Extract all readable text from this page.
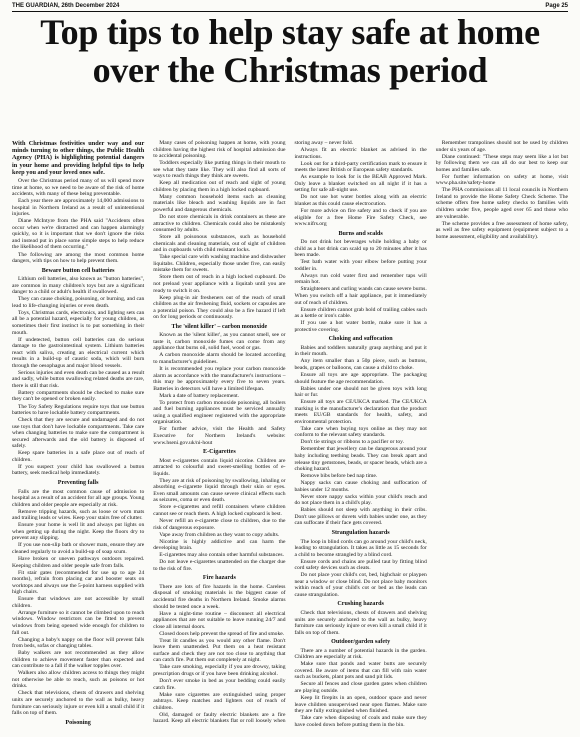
THE GUARDIAN, 26th December 2024	Page 25
Top tips to help stay safe at home over the Christmas period

With Christmas festivities under way and our minds turning to other things, the Public Health Agency (PHA) is highlighting potential dangers in your home and providing helpful tips to help keep you and your loved ones safe.

Over the Christmas period many of us will spend more time at home, so we need to be aware of the risk of home accidents, with many of these being preventable.

Each year there are approximately 14,000 admissions to hospital in Northern Ireland as a result of unintentional injuries.

Diane McIntyre from the PHA said "Accidents often occur when we're distracted and can happen alarmingly quickly, so it is important that we don't ignore the risks and instead put in place some simple steps to help reduce the likelihood of them occurring."

The following are among the most common home dangers, with tips on how to help prevent them.

Beware button cell batteries

Lithium cell batteries, also known as "button batteries", are common in many children's toys but are a significant danger to a child or adult's health if swallowed.

They can cause choking, poisoning, or burning, and can lead to life-changing injuries or even death.

Toys, Christmas cards, electronics, and lighting sets can all be a potential hazard, especially for young children, as sometimes their first instinct is to put something in their mouth.

If undetected, button cell batteries can do serious damage to the gastrointestinal system. Lithium batteries react with saliva, creating an electrical current which results in a build-up of caustic soda, which will burn through the oesophagus and major blood vessels.

Serious injuries and even death can be caused as a result and sadly, while button swallowing related deaths are rare, there is still that risk.

Battery compartments should be checked to make sure they can't be opened or broken easily.

The Toy Safety Regulations require toys that use button batteries to have lockable battery compartments.

Check that they are secure and undamaged and do not use toys that don't have lockable compartments. Take care when changing batteries to make sure the compartment is secured afterwards and the old battery is disposed of safely.

Keep spare batteries in a safe place out of reach of children.

If you suspect your child has swallowed a button battery, seek medical help immediately.

Preventing falls

Falls are the most common cause of admission to hospital as a result of an accident for all age groups. Young children and older people are especially at risk.

Remove tripping hazards, such as loose or worn mats and trailing leads or wires. Keep your stairs free of clutter.

Ensure your home is well lit and always put lights on when getting up during the night. Keep the floors dry to prevent any slipping.

If you use non-slip bath or shower mats, ensure they are cleaned regularly to avoid a build-up of soap scum.

Have broken or uneven pathways outdoors repaired. Keeping children and older people safe from falls.

Fit stair gates (recommended for use up to age 24 months), refrain from placing car and booster seats on worktops and always use the 5-point harness supplied with high chairs.

Ensure that windows are not accessible by small children.

Arrange furniture so it cannot be climbed upon to reach windows. Window restrictors can be fitted to prevent windows from being opened wide enough for children to fall out.

Changing a baby's nappy on the floor will prevent falls from beds, sofas or changing tables.

Baby walkers are not recommended as they allow children to achieve movement faster than expected and can contribute to a fall if the walker topples over.

Walkers also allow children access to things they might not otherwise be able to reach, such as poisons or hot drinks.

Check that televisions, chests of drawers and shelving units are securely anchored to the wall as bulky, heavy furniture can seriously injure or even kill a small child if it falls on top of them.

Poisoning

Many cases of poisoning happen at home, with young children having the highest risk of hospital admission due to accidental poisoning.

Toddlers especially like putting things in their mouth to see what they taste like. They will also find all sorts of ways to reach things they think are sweets.

Keep all medication out of reach and sight of young children by placing them in a high locked cupboard.

Many common household items such as cleaning materials like bleach and washing liquids are in fact powerful and dangerous chemicals.

Do not store chemicals in drink containers as these are attractive to children. Chemicals could also be mistakenly consumed by adults.

Store all poisonous substances, such as household chemicals and cleaning materials, out of sight of children and in cupboards with child resistant locks.

Take special care with washing machine and dishwasher liquitabs. Children, especially those under five, can easily mistake them for sweets.

Store them out of reach in a high locked cupboard. Do not preload your appliance with a liquitab until you are ready to switch it on.

Keep plug-in air fresheners out of the reach of small children as the air freshening fluid, sockets or capsules are a potential poison. They could also be a fire hazard if left on for long periods or continuously.

The 'silent killer' – carbon monoxide

Known as the 'silent killer', as you cannot smell, see or taste it, carbon monoxide fumes can come from any appliance that burns oil, solid fuel, wood or gas.

A carbon monoxide alarm should be located according to manufacturer's guidelines.

It is recommended you replace your carbon monoxide alarm as accordance with the manufacturer's instructions – this may be approximately every five to seven years. Batteries in detectors will have a limited lifespan.

Mark a date of battery replacement.

To protect from carbon monoxide poisoning, all boilers and fuel burning appliances must be serviced annually using a qualified engineer registered with the appropriate organisation.

For further advice, visit the Health and Safety Executive for Northern Ireland's website: www.hseni.gov.uk/ni-hout

E-Cigarettes

Most e-cigarettes contain liquid nicotine. Children are attracted to colourful and sweet-smelling bottles of e-liquids.

They are at risk of poisoning by swallowing, inhaling or absorbing e-cigarette liquid through their skin or eyes. Even small amounts can cause severe clinical effects such as seizures, coma or even death.

Store e-cigarettes and refill containers where children cannot see or reach them. A high locked cupboard is best.

Never refill an e-cigarette close to children, due to the risk of dangerous exposure.

Vape away from children as they want to copy adults.

Nicotine is highly addictive and can harm the developing brain.

E-cigarettes may also contain other harmful substances.

Do not leave e-cigarettes unattended on the charger due to the risk of fire.

Fire hazards

There are lots of fire hazards in the home. Careless disposal of smoking materials is the biggest cause of accidental fire deaths in Northern Ireland. Smoke alarms should be tested once a week.

Have a night-time routine – disconnect all electrical appliances that are not suitable to leave running 24/7 and close all internal doors.

Closed doors help prevent the spread of fire and smoke.

Treat lit candles as you would any other flame. Don't leave them unattended. Put them on a heat resistant surface and check they are not too close to anything that can catch fire. Put them out completely at night.

Take care smoking, especially if you are drowsy, taking prescription drugs or if you have been drinking alcohol.

Don't ever smoke in bed as your bedding could easily catch fire.

Make sure cigarettes are extinguished using proper ashtrays. Keep matches and lighters out of reach of children.

Old, damaged or faulty electric blankets are a fire hazard. Keep all electric blankets flat or roll loosely when storing away – never fold.

Always fit an electric blanket as advised in the instructions.

Look out for a third-party certification mark to ensure it meets the latest British or European safety standards.

As example to look for is the BEAB Approved Mark. Only leave a blanket switched on all night if it has a setting for safe all-night use.

Do not use hot water bottles along with an electric blanket as this could cause electrocution.

For more advice on fire safety and to check if you are eligible for a free Home Fire Safety Check, see www.nifrs.org

Burns and scalds

Do not drink hot beverages while holding a baby or child as a hot drink can scald up to 20 minutes after it has been made.

Test bath water with your elbow before putting your toddler in.

Always run cold water first and remember taps will remain hot.

Straighteners and curling wands can cause severe burns. When you switch off a hair appliance, put it immediately out of reach of children.

Ensure children cannot grab hold of trailing cables such as a kettle or iron's cable.

If you use a hot water bottle, make sure it has a protective covering.

Choking and suffocation

Babies and toddlers naturally grasp anything and put it in their mouth.

Any item smaller than a 50p piece, such as buttons, beads, grapes or balloons, can cause a child to choke.

Ensure all toys are age appropriate. The packaging should feature the age recommendation.

Babies under one should not be given toys with long hair or fur.

Ensure all toys are CE/UKCA marked. The CE/UKCA marking is the manufacturer's declaration that the product meets EU/GB standards for health, safety, and environmental protection.

Take care when buying toys online as they may not conform to the relevant safety standards.

Don't tie strings or ribbons to a pacifier or toy.

Remember that jewellery can be dangerous around your baby including teething beads. They can break apart and release tiny gemstones, beads, or spacer beads, which are a choking hazard.

Remove bibs before bed nap time.

Nappy sacks can cause choking and suffocation of babies under 12 months.

Never store nappy sacks within your child's reach and do not place them in a child's play.

Babies should not sleep with anything in their cribs. Don't use pillows or duvets with babies under one, as they can suffocate if their face gets covered.

Strangulation hazards

The loop in blind cords can go around your child's neck, leading to strangulation. It takes as little as 15 seconds for a child to become strangled by a blind cord.

Ensure cords and chains are pulled taut by fitting blind cord safety devices such as cleats.

Do not place your child's cot, bed, highchair or playpen near a window or close blind. Do not place baby monitors within reach of your child's cot or bed as the leads can cause strangulation.

Crushing hazards

Check that televisions, chests of drawers and shelving units are securely anchored to the wall as bulky, heavy furniture can seriously injure or even kill a small child if it falls on top of them.

Outdoor/garden safety

There are a number of potential hazards in the garden. Children are especially at risk.

Make sure that ponds and water butts are securely covered. Be aware of items that can fill with rain water such as buckets, plant pots and sand pit lids.

Secure all fences and close garden gates when children are playing outside.

Keep lit firepits in an open, outdoor space and never leave children unsupervised near open flames. Make sure they are fully extinguished when finished.

Take care when disposing of coals and make sure they have cooled down before putting them in the bin.

Remember trampolines should not be used by children under six years of age.

Diane continued: "These steps may seem like a lot but by following them we can all do our best to keep our homes and families safe.

For further information on safety at home, visit www.pha.site/safety-home

The PHA commissions all 11 local councils in Northern Ireland to provide the Home Safety Check Scheme. The scheme offers free home safety checks to families with children under five, people aged over 65 and those who are vulnerable.

The scheme provides a free assessment of home safety, as well as free safety equipment (equipment subject to a home assessment, eligibility and availability).
